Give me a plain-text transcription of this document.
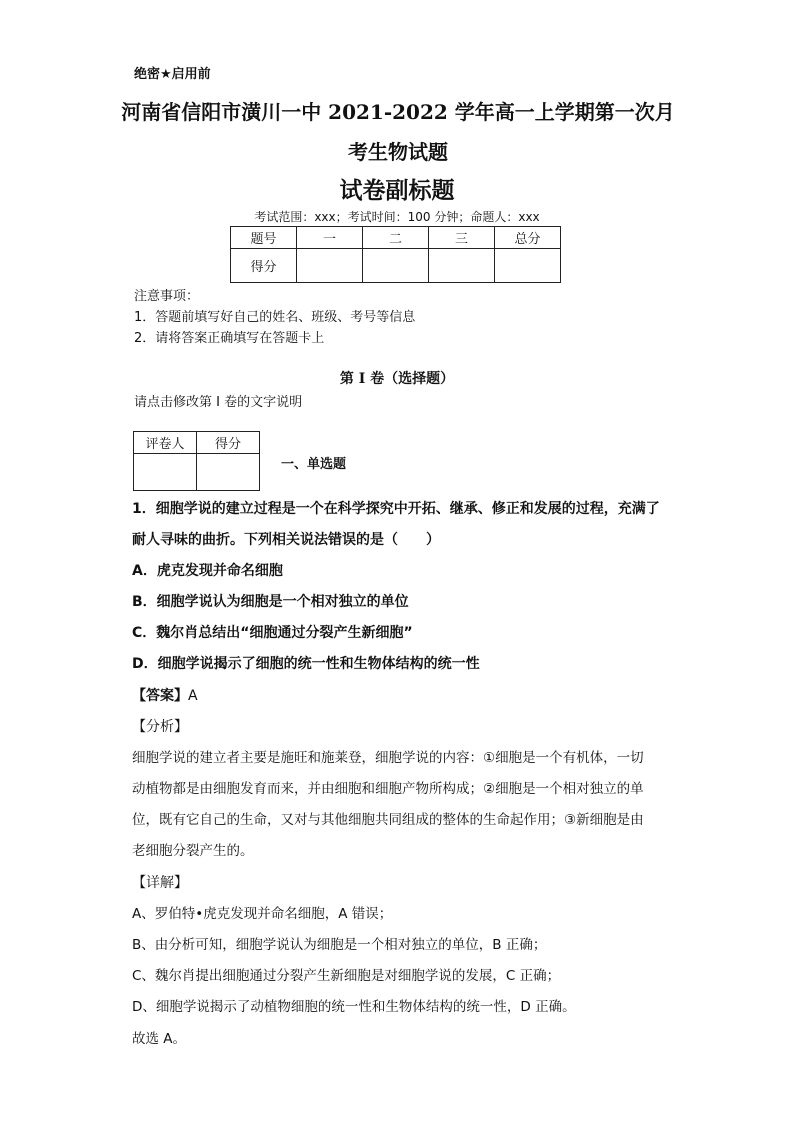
绝密★启用前
河南省信阳市潢川一中 2021-2022 学年高一上学期第一次月考生物试题
试卷副标题
考试范围：xxx；考试时间：100 分钟；命题人：xxx
题号	一	二	三	总分
得分				
注意事项：
1．答题前填写好自己的姓名、班级、考号等信息
2．请将答案正确填写在答题卡上
第 I 卷（选择题）
请点击修改第 I 卷的文字说明
评卷人	得分

一、单选题
1．细胞学说的建立过程是一个在科学探究中开拓、继承、修正和发展的过程，充满了
耐人寻味的曲折。下列相关说法错误的是（　　）
A．虎克发现并命名细胞
B．细胞学说认为细胞是一个相对独立的单位
C．魏尔肖总结出“细胞通过分裂产生新细胞”
D．细胞学说揭示了细胞的统一性和生物体结构的统一性
【答案】A
【分析】
细胞学说的建立者主要是施旺和施莱登，细胞学说的内容：①细胞是一个有机体，一切
动植物都是由细胞发育而来，并由细胞和细胞产物所构成；②细胞是一个相对独立的单
位，既有它自己的生命，又对与其他细胞共同组成的整体的生命起作用；③新细胞是由
老细胞分裂产生的。
【详解】
A、罗伯特•虎克发现并命名细胞，A 错误；
B、由分析可知，细胞学说认为细胞是一个相对独立的单位，B 正确；
C、魏尔肖提出细胞通过分裂产生新细胞是对细胞学说的发展，C 正确；
D、细胞学说揭示了动植物细胞的统一性和生物体结构的统一性，D 正确。
故选 A。
